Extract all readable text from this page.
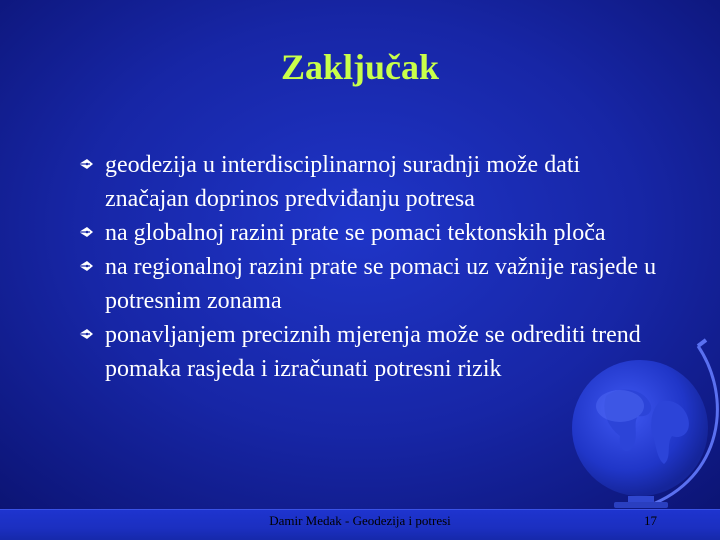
Zaključak
geodezija u interdisciplinarnoj suradnji može dati značajan doprinos predviđanju potresa
na globalnoj razini prate se pomaci tektonskih ploča
na regionalnoj razini prate se pomaci uz važnije rasjede u potresnim zonama
ponavljanjem preciznih mjerenja može se odrediti trend pomaka rasjeda i izračunati potresni rizik
Damir Medak - Geodezija i potresi	17
